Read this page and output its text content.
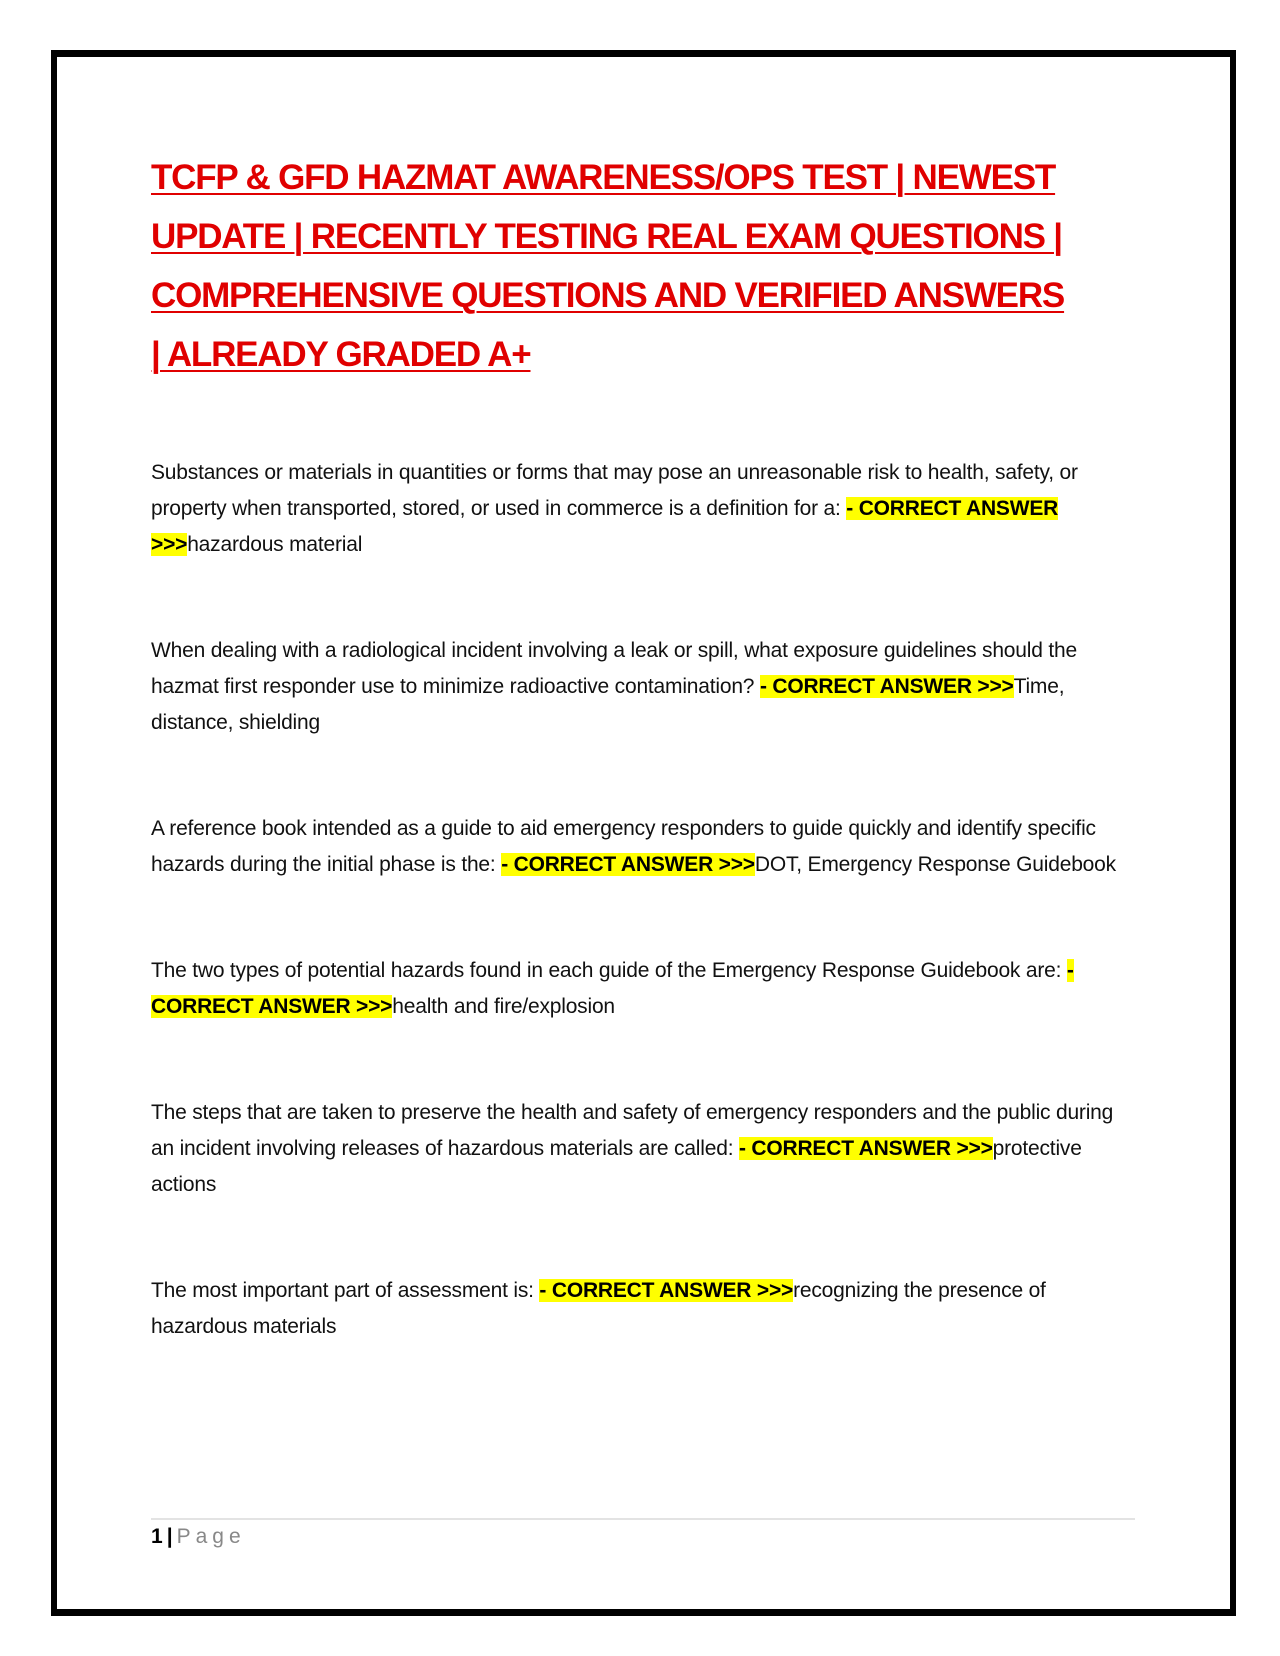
TCFP & GFD HAZMAT AWARENESS/OPS TEST | NEWEST
UPDATE | RECENTLY TESTING REAL EXAM QUESTIONS |
COMPREHENSIVE QUESTIONS AND VERIFIED ANSWERS
| ALREADY GRADED A+
Substances or materials in quantities or forms that may pose an unreasonable risk to health, safety, or property when transported, stored, or used in commerce is a definition for a: - CORRECT ANSWER >>>hazardous material
When dealing with a radiological incident involving a leak or spill, what exposure guidelines should the hazmat first responder use to minimize radioactive contamination? - CORRECT ANSWER >>>Time, distance, shielding
A reference book intended as a guide to aid emergency responders to guide quickly and identify specific hazards during the initial phase is the: - CORRECT ANSWER >>>DOT, Emergency Response Guidebook
The two types of potential hazards found in each guide of the Emergency Response Guidebook are: - CORRECT ANSWER >>>health and fire/explosion
The steps that are taken to preserve the health and safety of emergency responders and the public during an incident involving releases of hazardous materials are called: - CORRECT ANSWER >>>protective actions
The most important part of assessment is: - CORRECT ANSWER >>>recognizing the presence of hazardous materials
1 | Page
